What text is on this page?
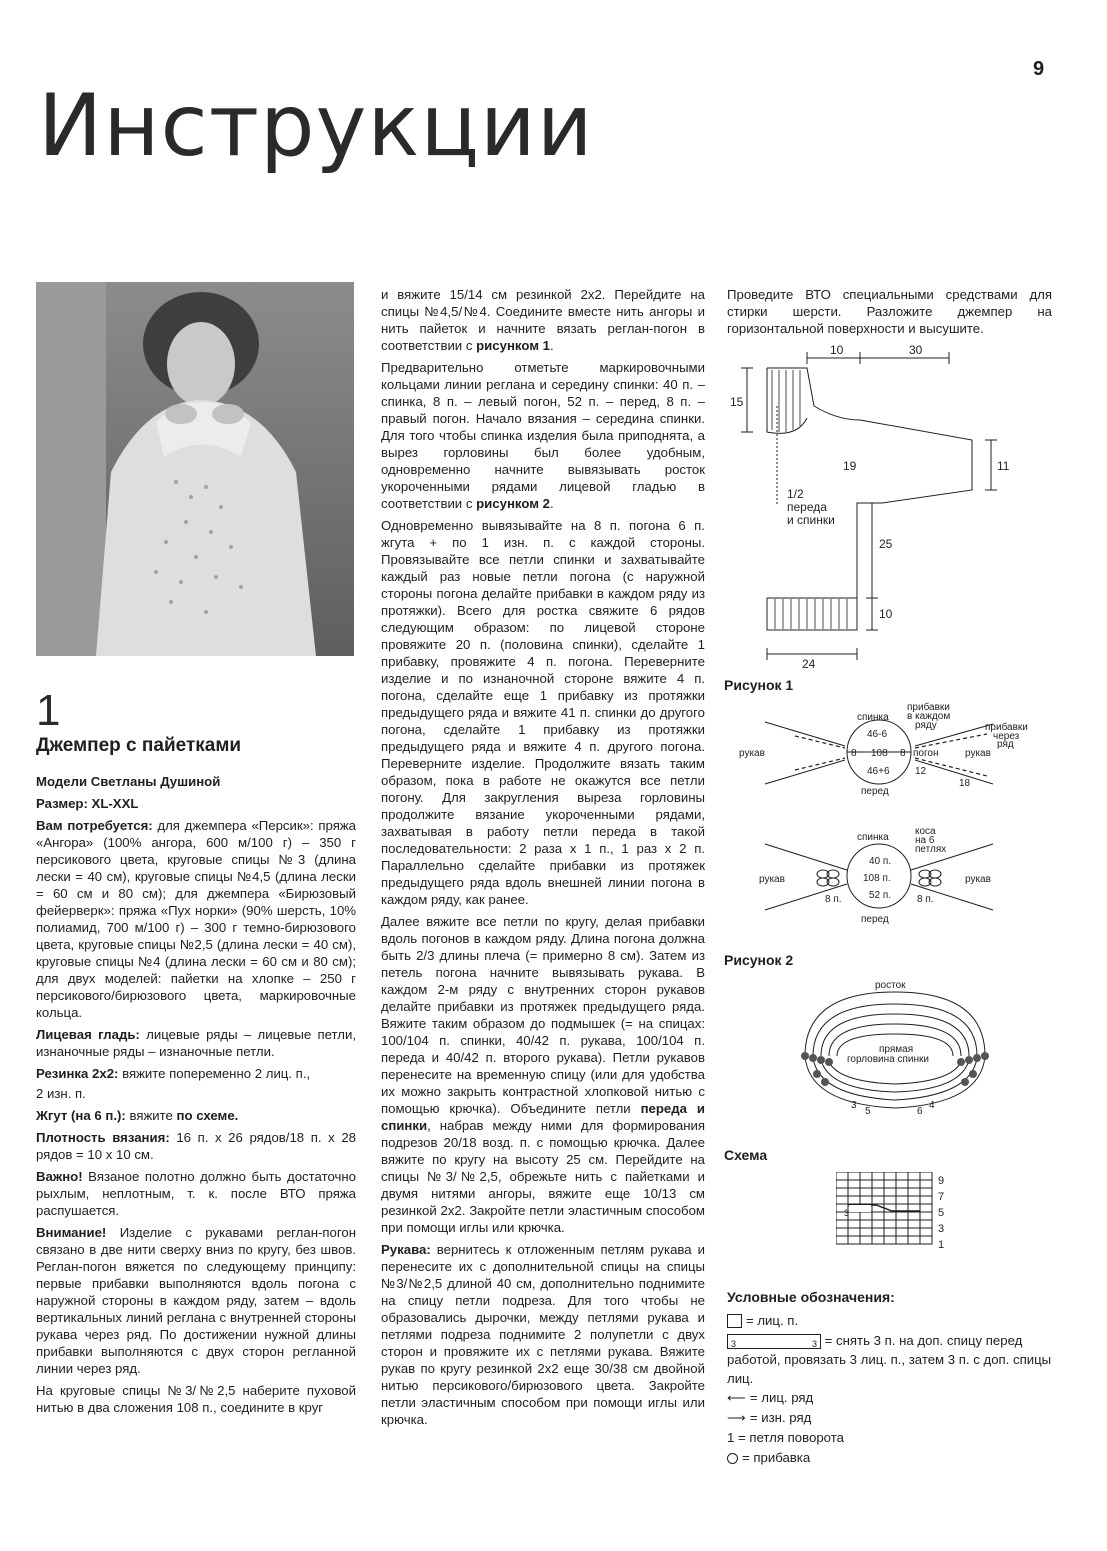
9
Инструкции
1
Джемпер с пайетками

Модели Светланы Душиной

Размер: XL-XXL

Вам потребуется: для джемпера «Персик»: пряжа «Ангора» (100% ангора, 600 м/100 г) – 350 г персикового цвета, круговые спицы №3 (длина лески = 40 см), круговые спицы №4,5 (длина лески = 60 см и 80 см); для джемпера «Бирюзовый фейерверк»: пряжа «Пух норки» (90% шерсть, 10% полиамид, 700 м/100 г) – 300 г темно-бирюзового цвета, круговые спицы №2,5 (длина лески = 40 см), круговые спицы №4 (длина лески = 60 см и 80 см); для двух моделей: пайетки на хлопке – 250 г персикового/бирюзового цвета, маркировочные кольца.

Лицевая гладь: лицевые ряды – лицевые петли, изнаночные ряды – изнаночные петли.

Резинка 2х2: вяжите попеременно 2 лиц. п.,

2 изн. п.

Жгут (на 6 п.): вяжите по схеме.

Плотность вязания: 16 п. х 26 рядов/18 п. х 28 рядов = 10 х 10 см.

Важно! Вязаное полотно должно быть достаточно рыхлым, неплотным, т. к. после ВТО пряжа распушается.

Внимание! Изделие с рукавами реглан-погон связано в две нити сверху вниз по кругу, без швов. Реглан-погон вяжется по следующему принципу: первые прибавки выполняются вдоль погона с наружной стороны в каждом ряду, затем – вдоль вертикальных линий реглана с внутренней стороны рукава через ряд. По достижении нужной длины прибавки выполняются с двух сторон регланной линии через ряд.

На круговые спицы №3/№2,5 наберите пуховой нитью в два сложения 108 п., соедините в круг

и вяжите 15/14 см резинкой 2х2. Перейдите на спицы №4,5/№4. Соедините вместе нить ангоры и нить пайеток и начните вязать реглан-погон в соответствии с рисунком 1.

Предварительно отметьте маркировочными кольцами линии реглана и середину спинки: 40 п. – спинка, 8 п. – левый погон, 52 п. – перед, 8 п. – правый погон. Начало вязания – середина спинки. Для того чтобы спинка изделия была приподнята, а вырез горловины был более удобным, одновременно начните вывязывать росток укороченными рядами лицевой гладью в соответствии с рисунком 2.

Одновременно вывязывайте на 8 п. погона 6 п. жгута + по 1 изн. п. с каждой стороны. Провязывайте все петли спинки и захватывайте каждый раз новые петли погона (с наружной стороны погона делайте прибавки в каждом ряду из протяжки). Всего для ростка свяжите 6 рядов следующим образом: по лицевой стороне провяжите 20 п. (половина спинки), сделайте 1 прибавку, провяжите 4 п. погона. Переверните изделие и по изнаночной стороне вяжите 4 п. погона, сделайте еще 1 прибавку из протяжки предыдущего ряда и вяжите 41 п. спинки до другого погона, сделайте 1 прибавку из протяжки предыдущего ряда и вяжите 4 п. другого погона. Переверните изделие. Продолжите вязать таким образом, пока в работе не окажутся все петли погону. Для закругления выреза горловины продолжите вязание укороченными рядами, захватывая в работу петли переда в такой последовательности: 2 раза х 1 п., 1 раз х 2 п. Параллельно сделайте прибавки из протяжек предыдущего ряда вдоль внешней линии погона в каждом ряду, как ранее.

Далее вяжите все петли по кругу, делая прибавки вдоль погонов в каждом ряду. Длина погона должна быть 2/3 длины плеча (= примерно 8 см). Затем из петель погона начните вывязывать рукава. В каждом 2-м ряду с внутренних сторон рукавов делайте прибавки из протяжек предыдущего ряда. Вяжите таким образом до подмышек (= на спицах: 100/104 п. спинки, 40/42 п. рукава, 100/104 п. переда и 40/42 п. второго рукава). Петли рукавов перенесите на временную спицу (или для удобства их можно закрыть контрастной хлопковой нитью с помощью крючка). Объедините петли переда и спинки, набрав между ними для формирования подрезов 20/18 возд. п. с помощью крючка. Далее вяжите по кругу на высоту 25 см. Перейдите на спицы №3/№2,5, обрежьте нить с пайетками и двумя нитями ангоры, вяжите еще 10/13 см резинкой 2х2. Закройте петли эластичным способом при помощи иглы или крючка.

Рукава: вернитесь к отложенным петлям рукава и перенесите их с дополнительной спицы на спицы №3/№2,5 длиной 40 см, дополнительно поднимите на спицу петли подреза. Для того чтобы не образовались дырочки, между петлями рукава и петлями подреза поднимите 2 полупетли с двух сторон и провяжите их с петлями рукава. Вяжите рукав по кругу резинкой 2х2 еще 30/38 см двойной нитью персикового/бирюзового цвета. Закройте петли эластичным способом при помощи иглы или крючка.

Проведите ВТО специальными средствами для стирки шерсти. Разложите джемпер на горизонтальной поверхности и высушите.

10	30
15
11
19
25
10
24
1/2
переда
и спинки
Рисунок 1
спинка
46-6
108
46+6
перед
8	8 погон
рукав	рукав
прибавки
в каждом
ряду	прибавки
через
ряд
12
18
спинка
40 п.
108 п.
52 п.
перед
8 п.	8 п.
рукав	рукав
коса
на 6
петлях
Рисунок 2
росток
прямая
горловина спинки
3
5	6
4
Схема
3
9
7
5
3
1
Условные обозначения:
= лиц. п.
3	3 = снять 3 п. на доп. спицу перед работой, провязать 3 лиц. п., затем 3 п. с доп. спицы лиц.
⟵ = лиц. ряд
⟶ = изн. ряд
1 = петля поворота
= прибавка
